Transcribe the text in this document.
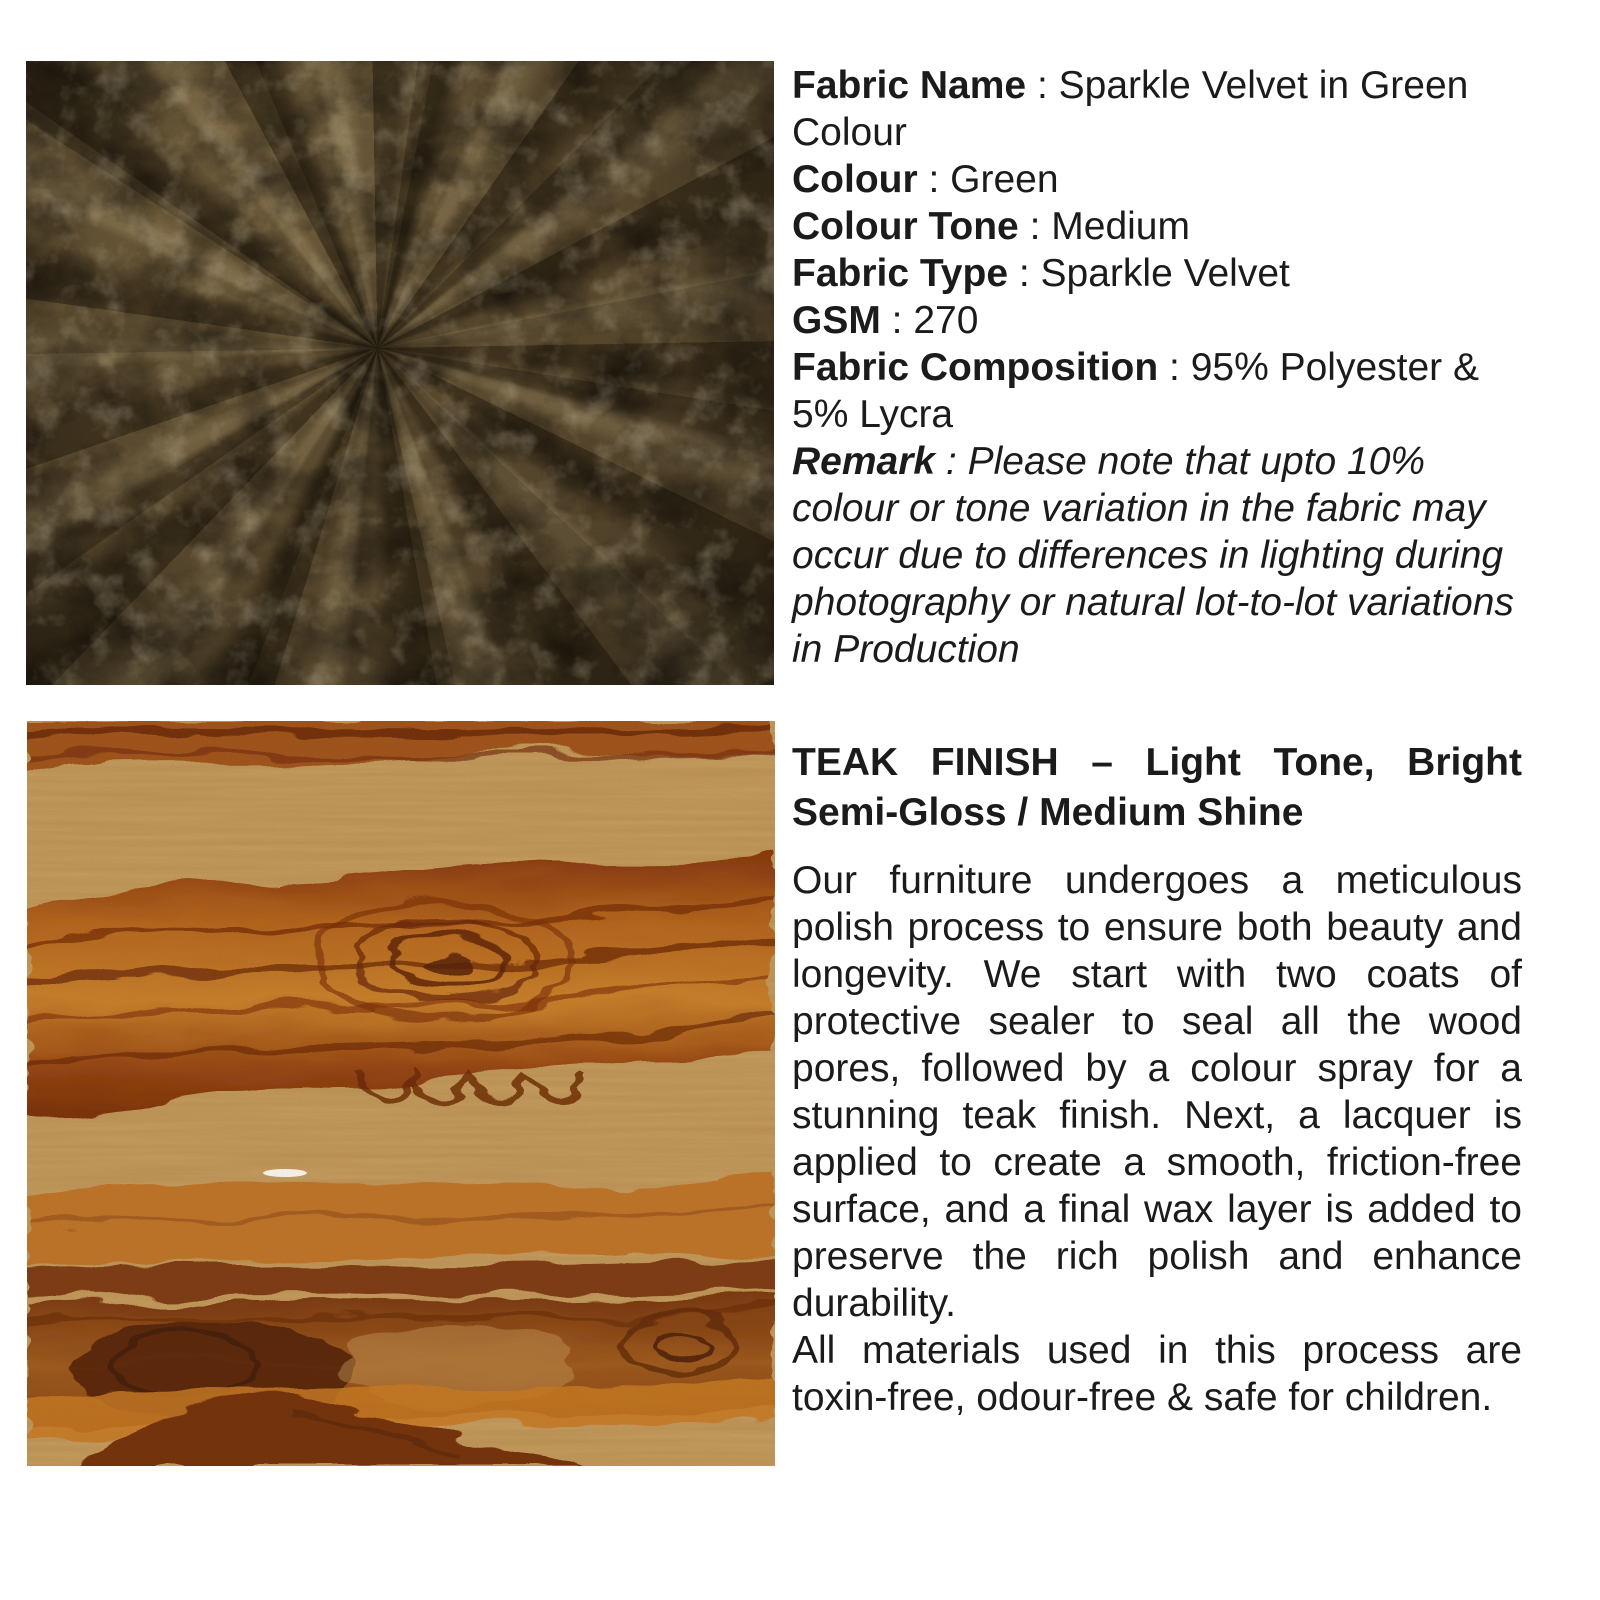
Fabric Name : Sparkle Velvet in Green Colour
Colour : Green
Colour Tone : Medium
Fabric Type : Sparkle Velvet
GSM : 270
Fabric Composition : 95% Polyester & 5% Lycra
Remark : Please note that upto 10% colour or tone variation in the fabric may occur due to differences in lighting during photography or natural lot-to-lot variations in Production
TEAK FINISH – Light Tone, Bright Semi-Gloss / Medium Shine
Our furniture undergoes a meticulous polish process to ensure both beauty and longevity. We start with two coats of protective sealer to seal all the wood pores, followed by a colour spray for a stunning teak finish. Next, a lacquer is applied to create a smooth, friction-free surface, and a final wax layer is added to preserve the rich polish and enhance durability.
All materials used in this process are toxin-free, odour-free & safe for children.
